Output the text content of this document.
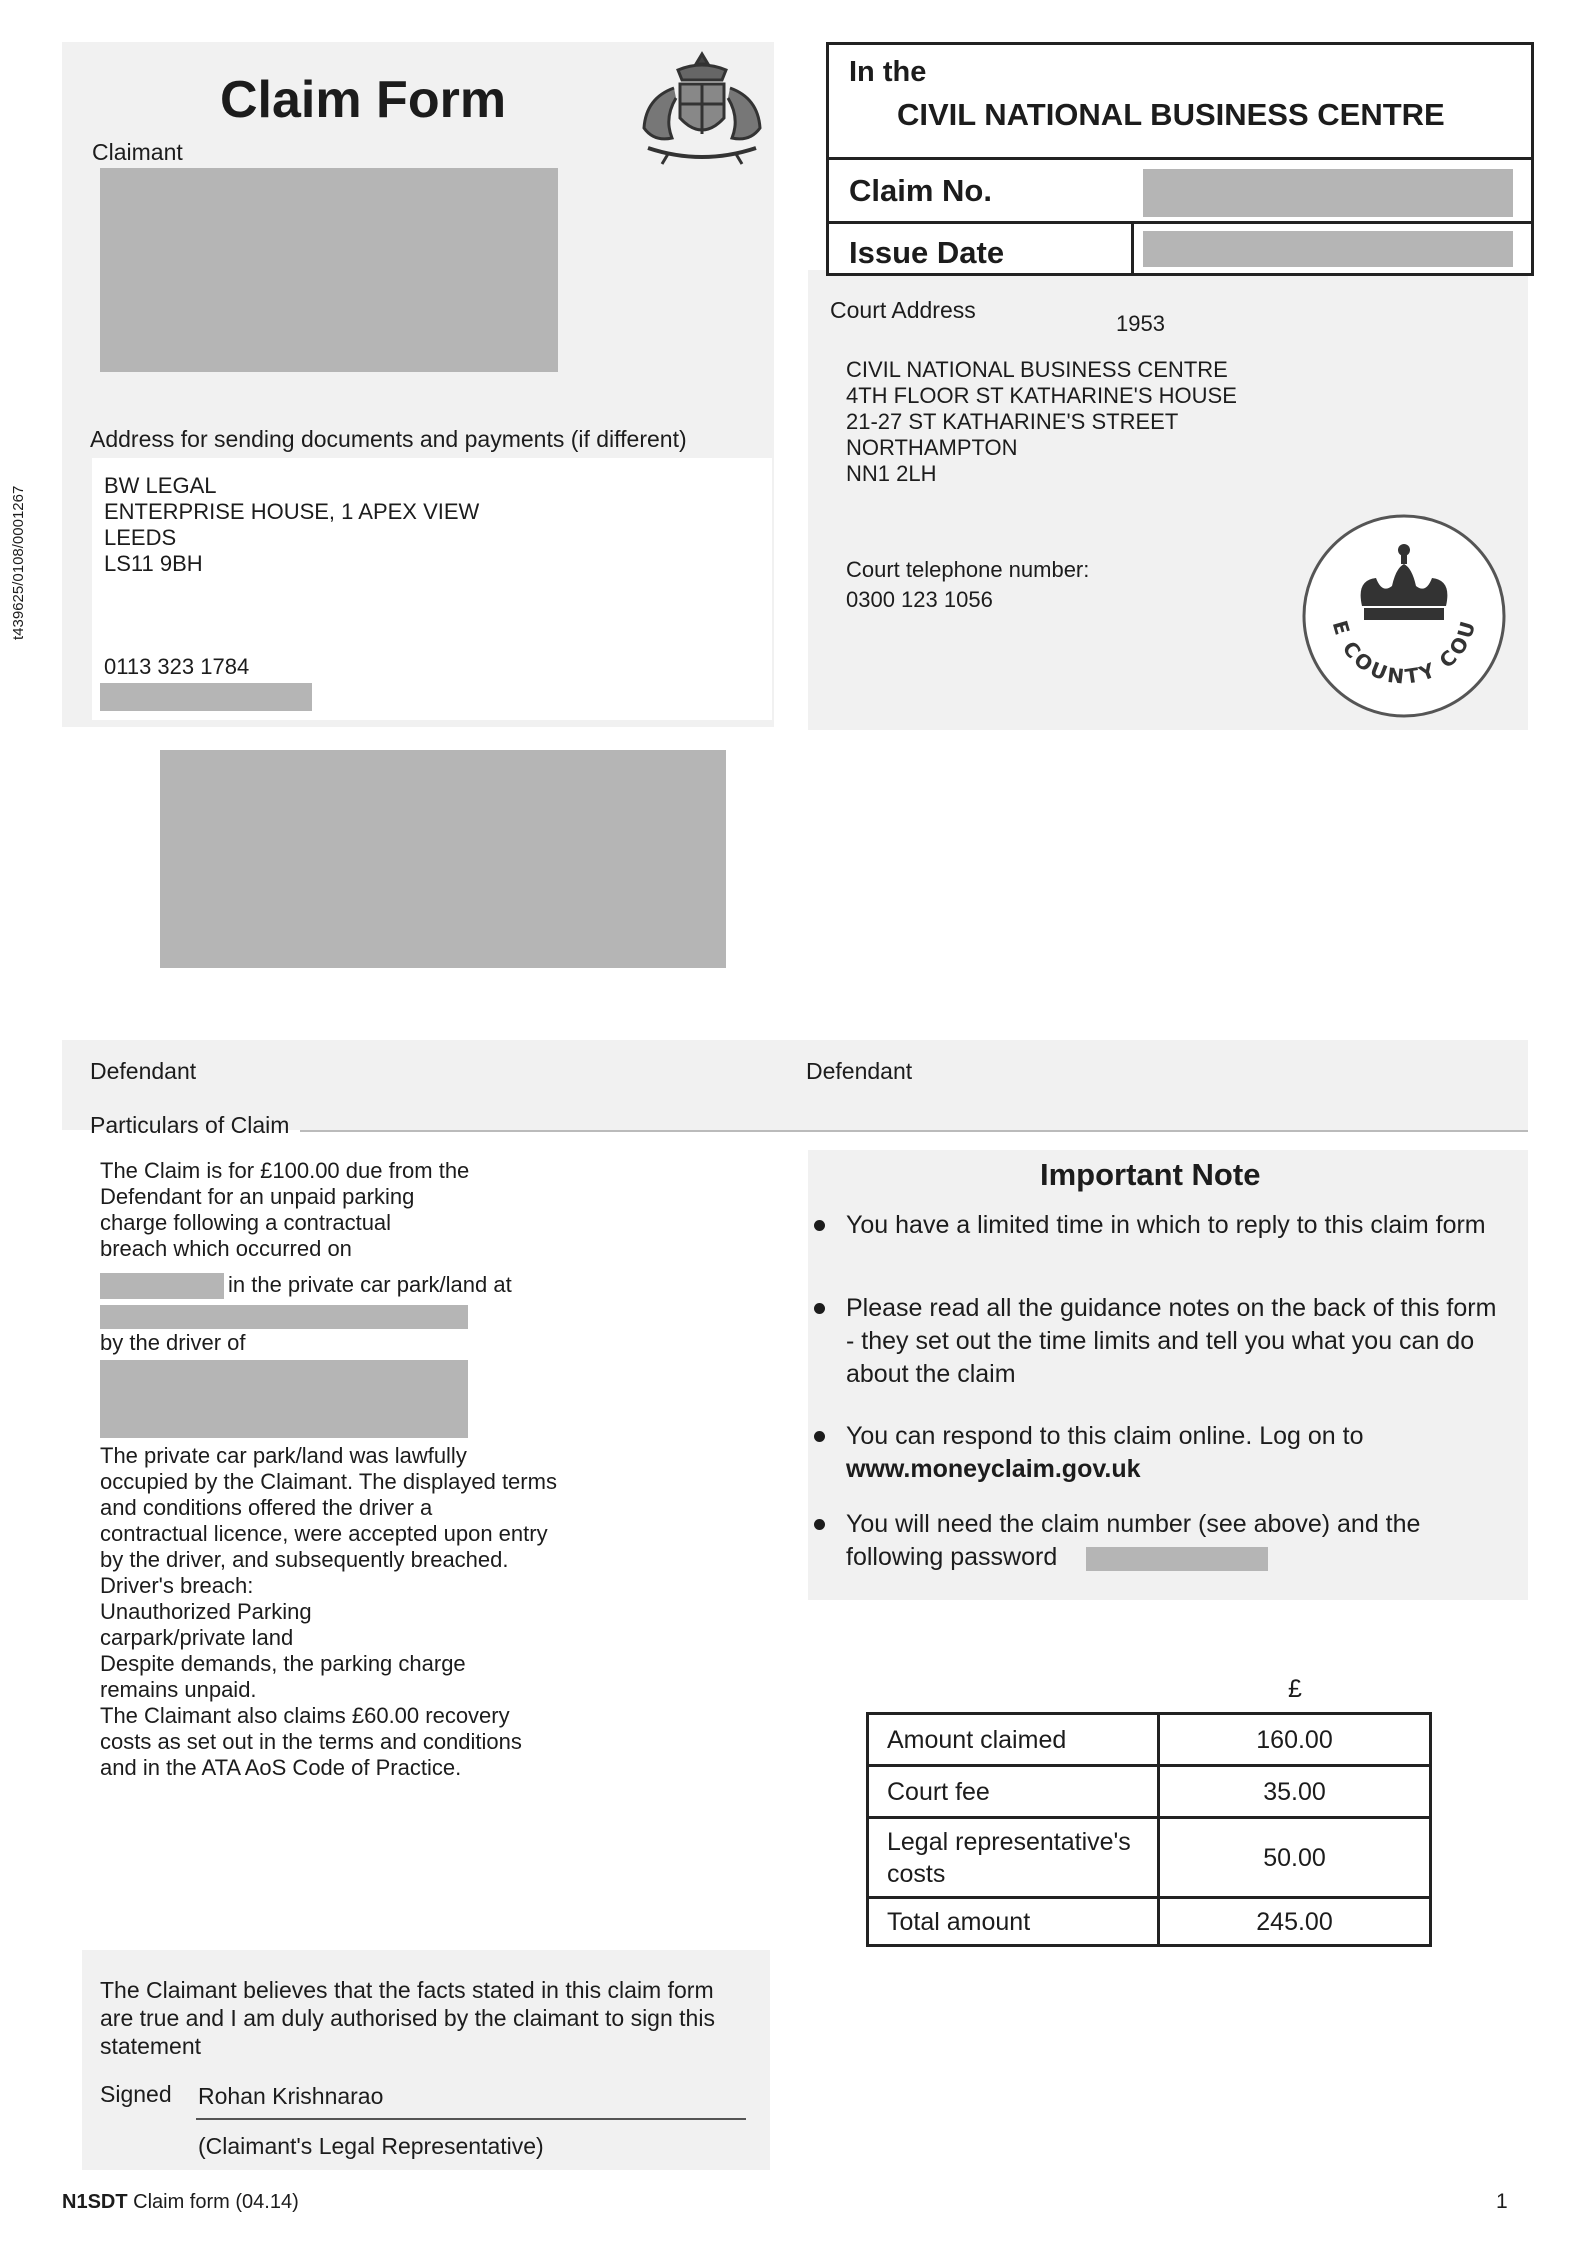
Claim Form
Claimant
In the
CIVIL NATIONAL BUSINESS CENTRE
Claim No.
Issue Date
Address for sending documents and payments (if different)
BW LEGAL
ENTERPRISE HOUSE, 1 APEX VIEW
LEEDS
LS11 9BH
0113 323 1784
t439625/0108/0001267
Court Address
1953
CIVIL NATIONAL BUSINESS CENTRE
4TH FLOOR ST KATHARINE'S HOUSE
21-27 ST KATHARINE'S STREET
NORTHAMPTON
NN1 2LH
Court telephone number:
0300 123 1056
E COUNTY COU
Defendant	Defendant
Particulars of Claim
The Claim is for £100.00 due from the
Defendant for an unpaid parking
charge following a contractual
breach which occurred on
in the private car park/land at
by the driver of
The private car park/land was lawfully
occupied by the Claimant. The displayed terms
and conditions offered the driver a
contractual licence, were accepted upon entry
by the driver, and subsequently breached.
Driver's breach:
Unauthorized Parking
carpark/private land
Despite demands, the parking charge
remains unpaid.
The Claimant also claims £60.00 recovery
costs as set out in the terms and conditions
and in the ATA AoS Code of Practice.
Important Note
You have a limited time in which to reply to this claim form
Please read all the guidance notes on the back of this form - they set out the time limits and tell you what you can do about the claim
You can respond to this claim online. Log on to
www.moneyclaim.gov.uk
You will need the claim number (see above) and the following password
£
Amount claimed	160.00
Court fee	35.00
Legal representative's costs	50.00
Total amount	245.00
The Claimant believes that the facts stated in this claim form
are true and I am duly authorised by the claimant to sign this
statement
Signed Rohan Krishnarao
(Claimant's Legal Representative)
N1SDT Claim form (04.14)	1
